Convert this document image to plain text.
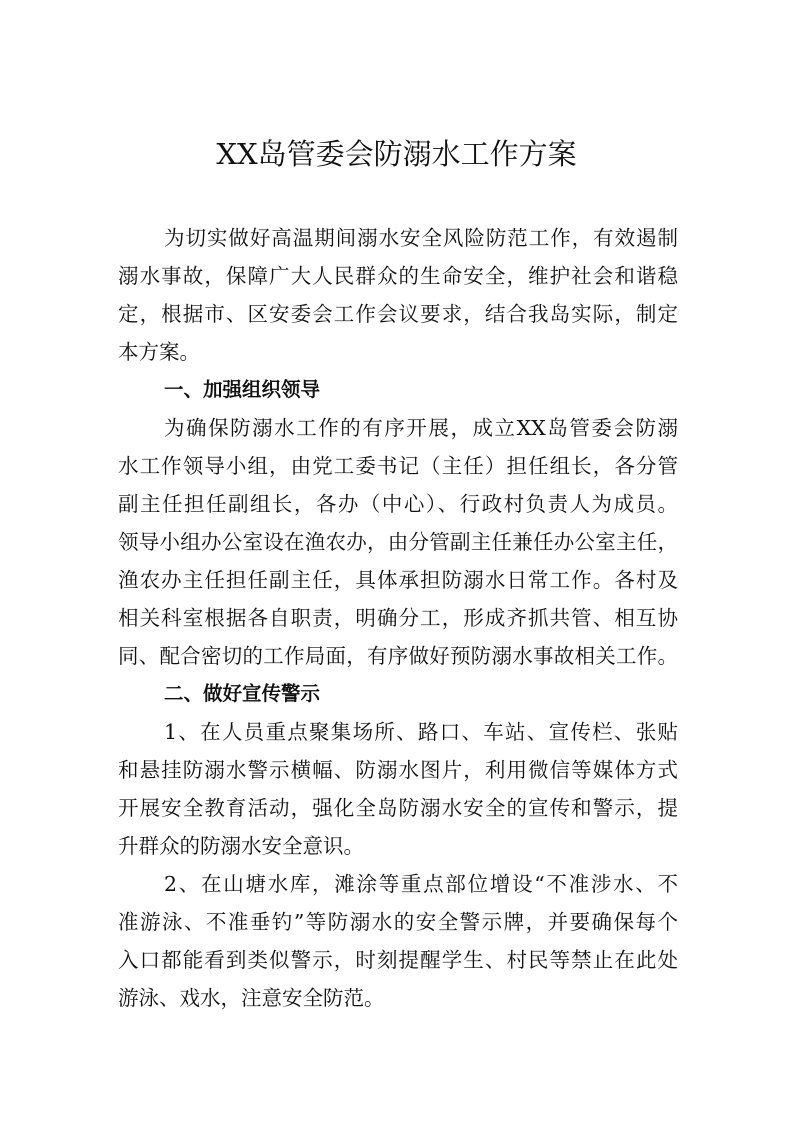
XX岛管委会防溺水工作方案
为切实做好高温期间溺水安全风险防范工作，有效遏制
溺水事故，保障广大人民群众的生命安全，维护社会和谐稳
定，根据市、区安委会工作会议要求，结合我岛实际，制定
本方案。
一、加强组织领导
为确保防溺水工作的有序开展，成立XX岛管委会防溺
水工作领导小组，由党工委书记（主任）担任组长，各分管
副主任担任副组长，各办（中心）、行政村负责人为成员。
领导小组办公室设在渔农办，由分管副主任兼任办公室主任，
渔农办主任担任副主任，具体承担防溺水日常工作。各村及
相关科室根据各自职责，明确分工，形成齐抓共管、相互协
同、配合密切的工作局面，有序做好预防溺水事故相关工作。
二、做好宣传警示
1、在人员重点聚集场所、路口、车站、宣传栏、张贴
和悬挂防溺水警示横幅、防溺水图片，利用微信等媒体方式
开展安全教育活动，强化全岛防溺水安全的宣传和警示，提
升群众的防溺水安全意识。
2、在山塘水库，滩涂等重点部位增设“不准涉水、不
准游泳、不准垂钓”等防溺水的安全警示牌，并要确保每个
入口都能看到类似警示，时刻提醒学生、村民等禁止在此处
游泳、戏水，注意安全防范。
